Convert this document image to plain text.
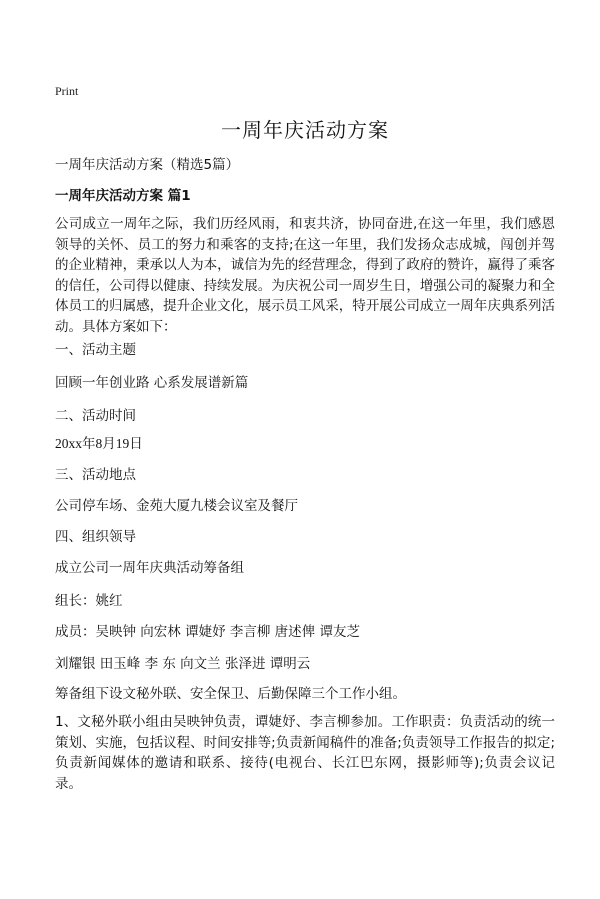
Print
一周年庆活动方案
一周年庆活动方案（精选5篇）
一周年庆活动方案 篇1

公司成立一周年之际，我们历经风雨，和衷共济，协同奋进,在这一年里，我们感恩领导的关怀、员工的努力和乘客的支持;在这一年里，我们发扬众志成城，闯创并驾的企业精神，秉承以人为本，诚信为先的经营理念，得到了政府的赞许，赢得了乘客的信任，公司得以健康、持续发展。为庆祝公司一周岁生日，增强公司的凝聚力和全体员工的归属感，提升企业文化，展示员工风采，特开展公司成立一周年庆典系列活动。具体方案如下：

一、活动主题
回顾一年创业路 心系发展谱新篇
二、活动时间
20xx年8月19日
三、活动地点
公司停车场、金苑大厦九楼会议室及餐厅
四、组织领导
成立公司一周年庆典活动筹备组
组长：姚红
成员：吴映钟 向宏林 谭婕妤 李言柳 唐述俾 谭友芝
刘耀银 田玉峰 李 东 向文兰 张泽进 谭明云
筹备组下设文秘外联、安全保卫、后勤保障三个工作小组。

1、文秘外联小组由吴映钟负责，谭婕妤、李言柳参加。工作职责：负责活动的统一策划、实施，包括议程、时间安排等;负责新闻稿件的准备;负责领导工作报告的拟定;负责新闻媒体的邀请和联系、接待(电视台、长江巴东网，摄影师等);负责会议记录。
